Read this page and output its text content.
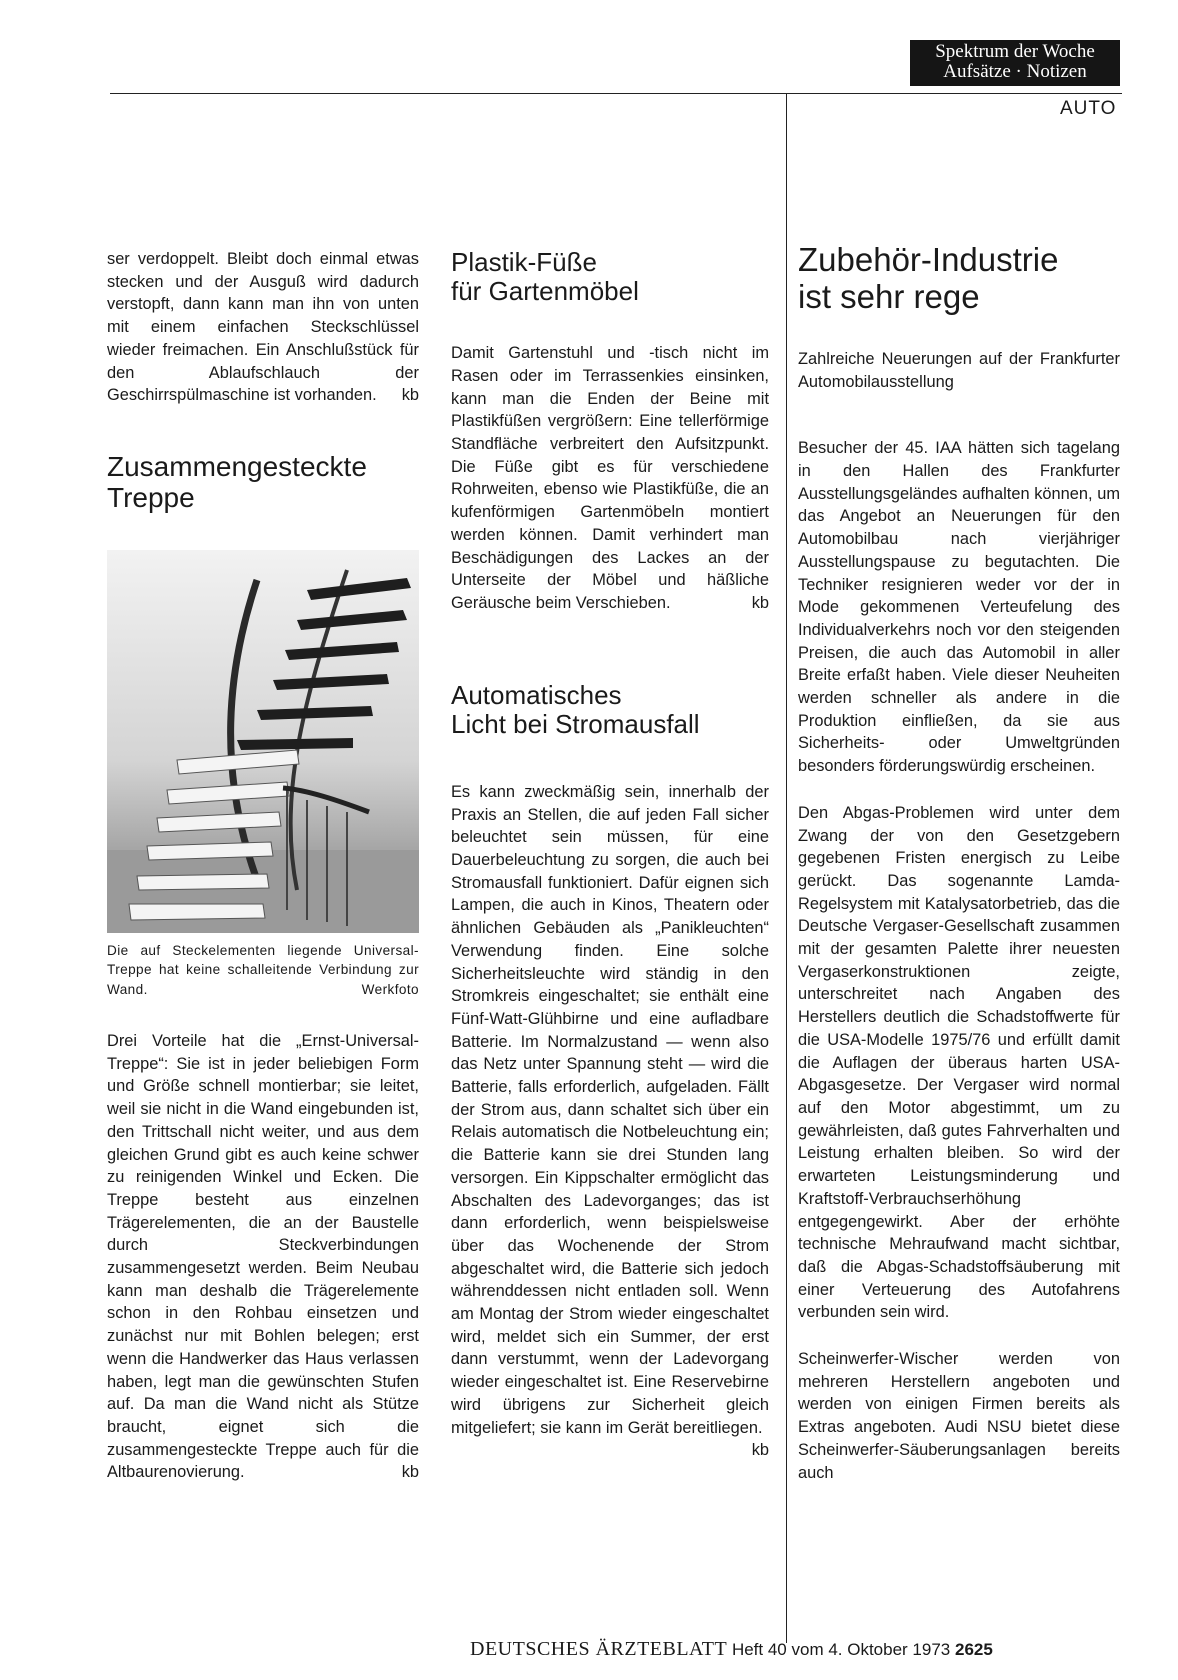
Spektrum der Woche
Aufsätze · Notizen
AUTO

ser verdoppelt. Bleibt doch einmal etwas stecken und der Ausguß wird dadurch verstopft, dann kann man ihn von unten mit einem einfachen Steckschlüssel wieder freimachen. Ein Anschlußstück für den Ablaufschlauch der Geschirrspülmaschine ist vorhanden. kb

Zusammengesteckte
Treppe

Die auf Steckelementen liegende Universal-Treppe hat keine schalleitende Verbindung zur Wand.	Werkfoto

Drei Vorteile hat die „Ernst-Universal-Treppe“: Sie ist in jeder beliebigen Form und Größe schnell montierbar; sie leitet, weil sie nicht in die Wand eingebunden ist, den Trittschall nicht weiter, und aus dem gleichen Grund gibt es auch keine schwer zu reinigenden Winkel und Ecken. Die Treppe besteht aus einzelnen Trägerelementen, die an der Baustelle durch Steckverbindungen zusammengesetzt werden. Beim Neubau kann man deshalb die Trägerelemente schon in den Rohbau einsetzen und zunächst nur mit Bohlen belegen; erst wenn die Handwerker das Haus verlassen haben, legt man die gewünschten Stufen auf. Da man die Wand nicht als Stütze braucht, eignet sich die zusammengesteckte Treppe auch für die Altbaurenovierung.	kb

Plastik-Füße
für Gartenmöbel

Damit Gartenstuhl und -tisch nicht im Rasen oder im Terrassenkies einsinken, kann man die Enden der Beine mit Plastikfüßen vergrößern: Eine tellerförmige Standfläche verbreitert den Aufsitzpunkt. Die Füße gibt es für verschiedene Rohrweiten, ebenso wie Plastikfüße, die an kufenförmigen Gartenmöbeln montiert werden können. Damit verhindert man Beschädigungen des Lackes an der Unterseite der Möbel und häßliche Geräusche beim Verschieben.	kb

Automatisches
Licht bei Stromausfall

Es kann zweckmäßig sein, innerhalb der Praxis an Stellen, die auf jeden Fall sicher beleuchtet sein müssen, für eine Dauerbeleuchtung zu sorgen, die auch bei Stromausfall funktioniert. Dafür eignen sich Lampen, die auch in Kinos, Theatern oder ähnlichen Gebäuden als „Panikleuchten“ Verwendung finden. Eine solche Sicherheitsleuchte wird ständig in den Stromkreis eingeschaltet; sie enthält eine Fünf-Watt-Glühbirne und eine aufladbare Batterie. Im Normalzustand — wenn also das Netz unter Spannung steht — wird die Batterie, falls erforderlich, aufgeladen. Fällt der Strom aus, dann schaltet sich über ein Relais automatisch die Notbeleuchtung ein; die Batterie kann sie drei Stunden lang versorgen. Ein Kippschalter ermöglicht das Abschalten des Ladevorganges; das ist dann erforderlich, wenn beispielsweise über das Wochenende der Strom abgeschaltet wird, die Batterie sich jedoch währenddessen nicht entladen soll. Wenn am Montag der Strom wieder eingeschaltet wird, meldet sich ein Summer, der erst dann verstummt, wenn der Ladevorgang wieder eingeschaltet ist. Eine Reservebirne wird übrigens zur Sicherheit gleich mitgeliefert; sie kann im Gerät bereitliegen.
kb

Zubehör-Industrie
ist sehr rege

Zahlreiche Neuerungen auf der Frankfurter Automobilausstellung

Besucher der 45. IAA hätten sich tagelang in den Hallen des Frankfurter Ausstellungsgeländes aufhalten können, um das Angebot an Neuerungen für den Automobilbau nach vierjähriger Ausstellungspause zu begutachten. Die Techniker resignieren weder vor der in Mode gekommenen Verteufelung des Individualverkehrs noch vor den steigenden Preisen, die auch das Automobil in aller Breite erfaßt haben. Viele dieser Neuheiten werden schneller als andere in die Produktion einfließen, da sie aus Sicherheits- oder Umweltgründen besonders förderungswürdig erscheinen.

Den Abgas-Problemen wird unter dem Zwang der von den Gesetzgebern gegebenen Fristen energisch zu Leibe gerückt. Das sogenannte Lamda-Regelsystem mit Katalysatorbetrieb, das die Deutsche Vergaser-Gesellschaft zusammen mit der gesamten Palette ihrer neuesten Vergaserkonstruktionen zeigte, unterschreitet nach Angaben des Herstellers deutlich die Schadstoffwerte für die USA-Modelle 1975/76 und erfüllt damit die Auflagen der überaus harten USA-Abgasgesetze. Der Vergaser wird normal auf den Motor abgestimmt, um zu gewährleisten, daß gutes Fahrverhalten und Leistung erhalten bleiben. So wird der erwarteten Leistungsminderung und Kraftstoff-Verbrauchserhöhung entgegengewirkt. Aber der erhöhte technische Mehraufwand macht sichtbar, daß die Abgas-Schadstoffsäuberung mit einer Verteuerung des Autofahrens verbunden sein wird.

Scheinwerfer-Wischer werden von mehreren Herstellern angeboten und werden von einigen Firmen bereits als Extras angeboten. Audi NSU bietet diese Scheinwerfer-Säuberungsanlagen bereits auch

DEUTSCHES ÄRZTEBLATT Heft 40 vom 4. Oktober 1973 2625
